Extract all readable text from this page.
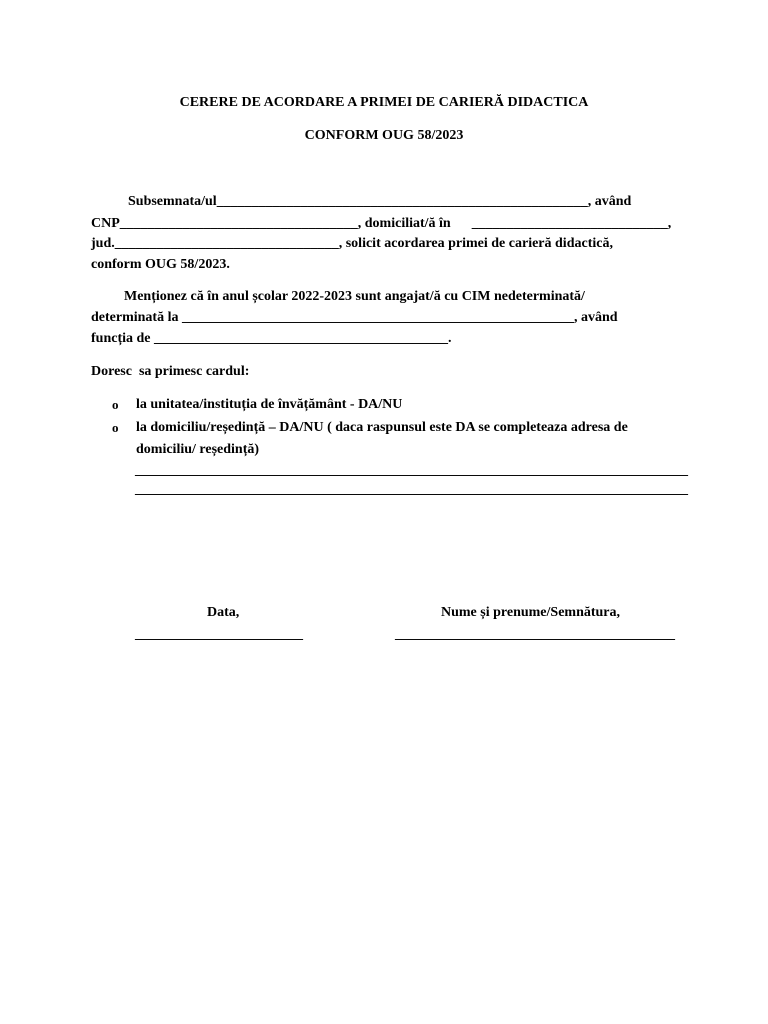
CERERE DE ACORDARE A PRIMEI DE CARIERĂ DIDACTICA
CONFORM OUG 58/2023
Subsemnata/ul_____________________________________________________, având
CNP__________________________________, domiciliat/ă în      ____________________________,
jud.________________________________, solicit acordarea primei de carieră didactică,
conform OUG 58/2023.
Menționez că în anul școlar 2022-2023 sunt angajat/ă cu CIM nedeterminată/
determinată la ________________________________________________________, având
funcția de __________________________________________.
Doresc  sa primesc cardul:
o la unitatea/instituția de învățământ - DA/NU
o la domiciliu/reședință – DA/NU ( daca raspunsul este DA se completeaza adresa de
domiciliu/ reședință)
_______________________________________________________________________________
_______________________________________________________________________________
Data,
________________________
Nume și prenume/Semnătura,
________________________________________
